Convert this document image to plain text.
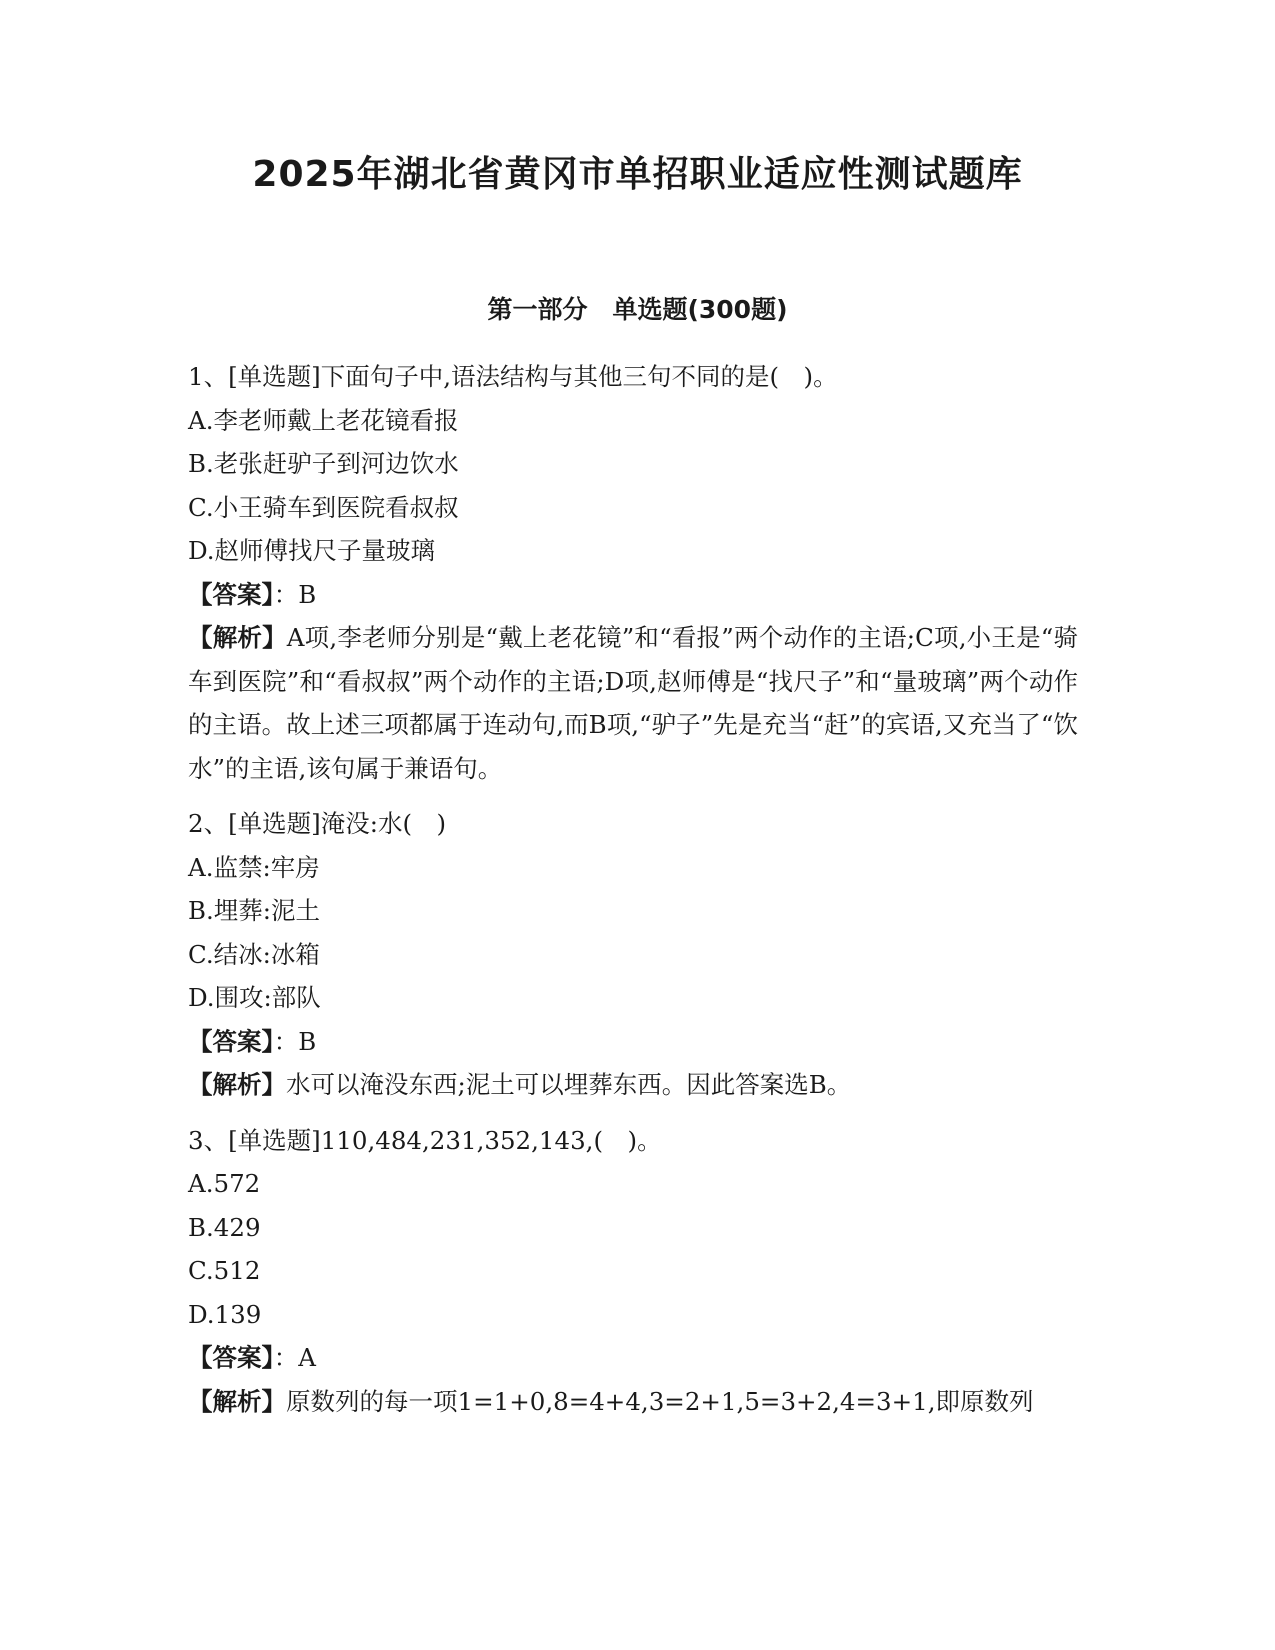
2025年湖北省黄冈市单招职业适应性测试题库
第一部分　单选题(300题)

1、[单选题]下面句子中,语法结构与其他三句不同的是(　)。

A.李老师戴上老花镜看报

B.老张赶驴子到河边饮水

C.小王骑车到医院看叔叔

D.赵师傅找尺子量玻璃

【答案】：B

【解析】A项,李老师分别是“戴上老花镜”和“看报”两个动作的主语;C项,小王是“骑车到医院”和“看叔叔”两个动作的主语;D项,赵师傅是“找尺子”和“量玻璃”两个动作的主语。故上述三项都属于连动句,而B项,“驴子”先是充当“赶”的宾语,又充当了“饮水”的主语,该句属于兼语句。

2、[单选题]淹没:水(　)

A.监禁:牢房

B.埋葬:泥土

C.结冰:冰箱

D.围攻:部队

【答案】：B

【解析】水可以淹没东西;泥土可以埋葬东西。因此答案选B。

3、[单选题]110,484,231,352,143,(　)。

A.572

B.429

C.512

D.139

【答案】：A

【解析】原数列的每一项1=1+0,8=4+4,3=2+1,5=3+2,4=3+1,即原数列
